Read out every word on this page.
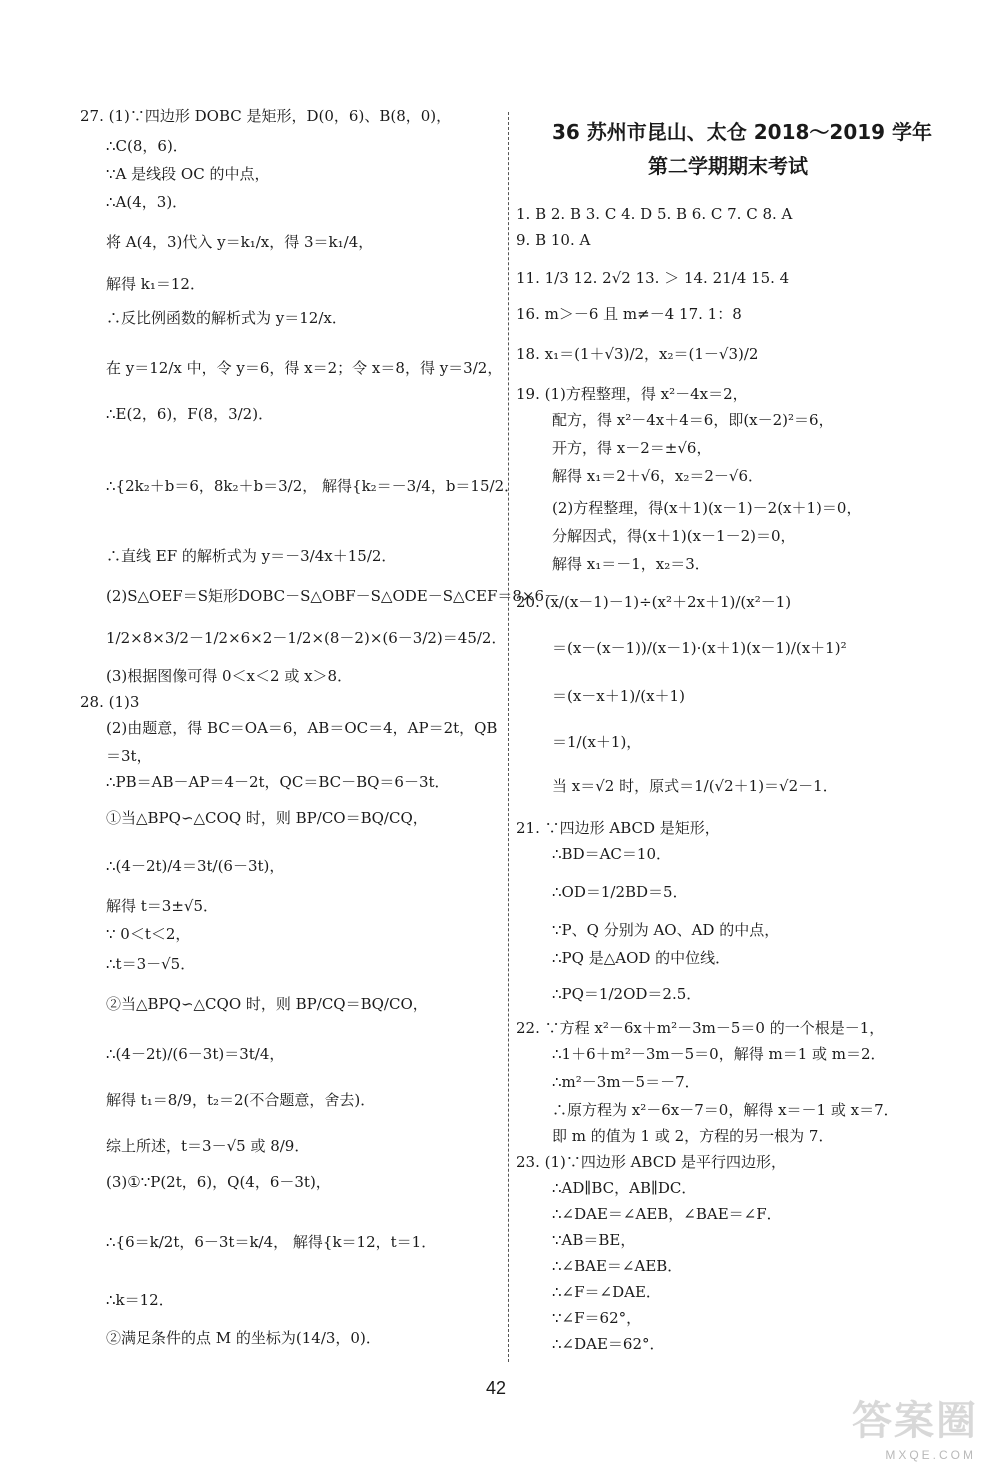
27. (1)∵四边形 DOBC 是矩形，D(0，6)、B(8，0)，
∴C(8，6)．
∵A 是线段 OC 的中点，
∴A(4，3)．
将 A(4，3)代入 y＝k₁/x，得 3＝k₁/4，
解得 k₁＝12．
∴反比例函数的解析式为 y＝12/x．
在 y＝12/x 中，令 y＝6，得 x＝2；令 x＝8，得 y＝3/2，
∴E(2，6)，F(8，3/2)．
∴{2k₂＋b＝6，8k₂＋b＝3/2， 解得{k₂＝－3/4，b＝15/2．
∴直线 EF 的解析式为 y＝－3/4x＋15/2．
(2)S△OEF＝S矩形DOBC－S△OBF－S△ODE－S△CEF＝8×6－
1/2×8×3/2－1/2×6×2－1/2×(8－2)×(6－3/2)＝45/2．
(3)根据图像可得 0＜x＜2 或 x＞8．
28. (1)3
(2)由题意，得 BC＝OA＝6，AB＝OC＝4，AP＝2t，QB
＝3t，
∴PB＝AB－AP＝4－2t，QC＝BC－BQ＝6－3t．
①当△BPQ∽△COQ 时，则 BP/CO＝BQ/CQ，
∴(4－2t)/4＝3t/(6－3t)，
解得 t＝3±√5．
∵ 0＜t＜2，
∴t＝3－√5．
②当△BPQ∽△CQO 时，则 BP/CQ＝BQ/CO，
∴(4－2t)/(6－3t)＝3t/4，
解得 t₁＝8/9，t₂＝2(不合题意，舍去)．
综上所述，t＝3－√5 或 8/9．
(3)①∵P(2t，6)，Q(4，6－3t)，
∴{6＝k/2t，6－3t＝k/4， 解得{k＝12，t＝1．
∴k＝12．
②满足条件的点 M 的坐标为(14/3，0)．
36 苏州市昆山、太仓 2018～2019 学年
第二学期期末考试
1. B 2. B 3. C 4. D 5. B 6. C 7. C 8. A
9. B 10. A
11. 1/3 12. 2√2 13. ＞ 14. 21/4 15. 4
16. m＞－6 且 m≠－4 17. 1：8
18. x₁＝(1＋√3)/2，x₂＝(1－√3)/2
19. (1)方程整理，得 x²－4x＝2，
配方，得 x²－4x＋4＝6，即(x－2)²＝6，
开方，得 x－2＝±√6，
解得 x₁＝2＋√6，x₂＝2－√6．
(2)方程整理，得(x＋1)(x－1)－2(x＋1)＝0，
分解因式，得(x＋1)(x－1－2)＝0，
解得 x₁＝－1，x₂＝3．
20. (x/(x－1)－1)÷(x²＋2x＋1)/(x²－1)
＝(x－(x－1))/(x－1)·(x＋1)(x－1)/(x＋1)²
＝(x－x＋1)/(x＋1)
＝1/(x＋1)，
当 x＝√2 时，原式＝1/(√2＋1)＝√2－1．
21. ∵四边形 ABCD 是矩形，
∴BD＝AC＝10．
∴OD＝1/2BD＝5．
∵P、Q 分别为 AO、AD 的中点，
∴PQ 是△AOD 的中位线．
∴PQ＝1/2OD＝2.5．
22. ∵方程 x²－6x＋m²－3m－5＝0 的一个根是－1，
∴1＋6＋m²－3m－5＝0，解得 m＝1 或 m＝2．
∴m²－3m－5＝－7．
∴原方程为 x²－6x－7＝0，解得 x＝－1 或 x＝7．
即 m 的值为 1 或 2，方程的另一根为 7．
23. (1)∵四边形 ABCD 是平行四边形，
∴AD∥BC，AB∥DC．
∴∠DAE＝∠AEB，∠BAE＝∠F．
∵AB＝BE，
∴∠BAE＝∠AEB．
∴∠F＝∠DAE．
∵∠F＝62°，
∴∠DAE＝62°．
42
答案圈
MXQE.COM
